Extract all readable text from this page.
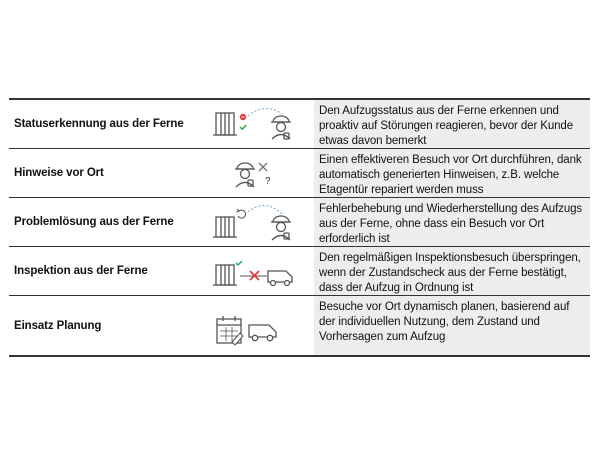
Statuserkennung aus der Ferne
Den Aufzugsstatus aus der Ferne erkennen und proaktiv auf Störungen reagieren, bevor der Kunde etwas davon bemerkt
Hinweise vor Ort
?
Einen effektiveren Besuch vor Ort durchführen, dank automatisch generierten Hinweisen, z.B. welche Etagentür repariert werden muss
Problemlösung aus der Ferne
Fehlerbehebung und Wiederherstellung des Aufzugs aus der Ferne, ohne dass ein Besuch vor Ort erforderlich ist
Inspektion aus der Ferne
Den regelmäßigen Inspektionsbesuch überspringen, wenn der Zustandscheck aus der Ferne bestätigt, dass der Aufzug in Ordnung ist
Einsatz Planung
Besuche vor Ort dynamisch planen, basierend auf der individuellen Nutzung, dem Zustand und Vorhersagen zum Aufzug
